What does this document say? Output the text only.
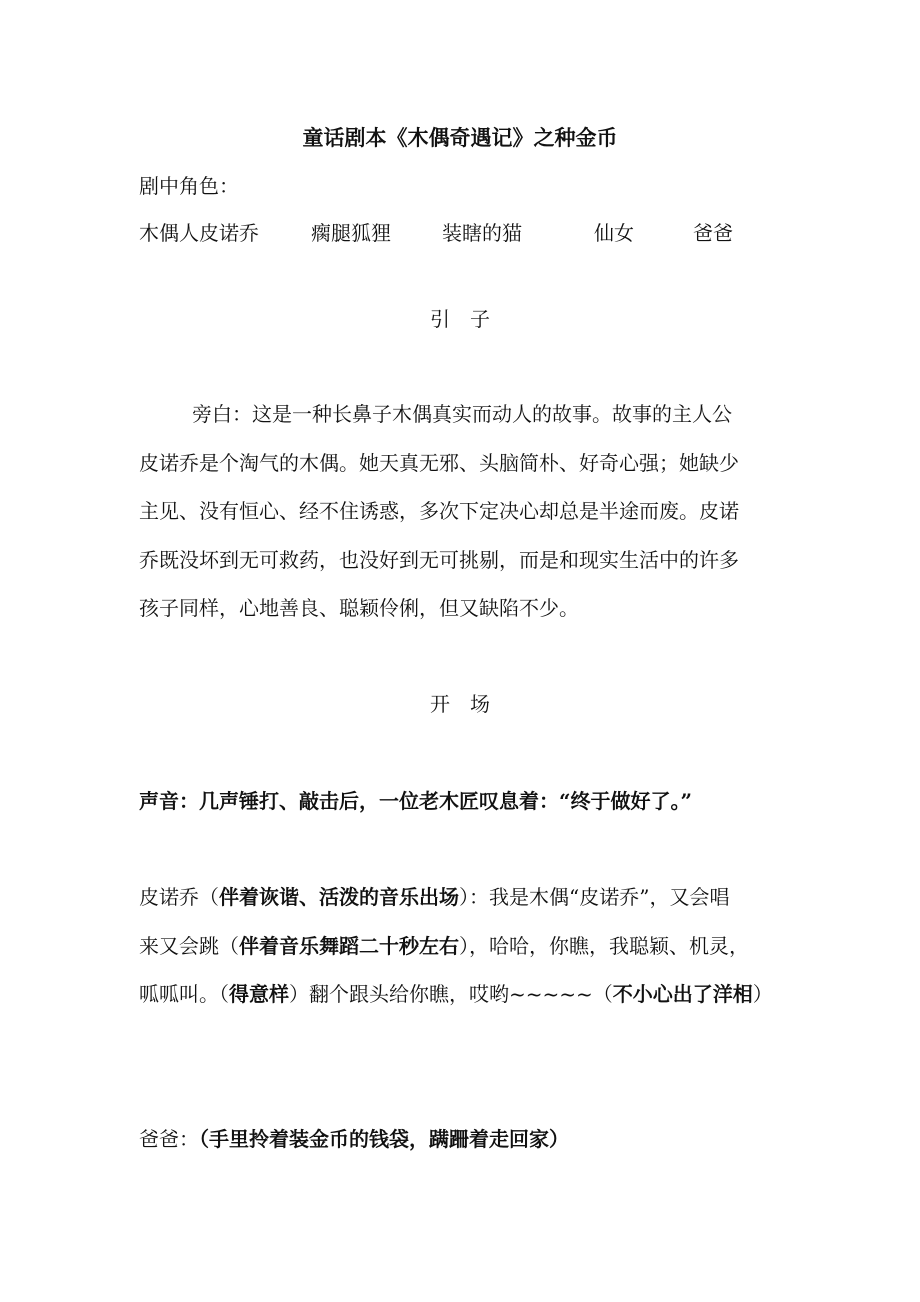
童话剧本《木偶奇遇记》之种金币

剧中角色：

木偶人皮诺乔	瘸腿狐狸	装瞎的猫	仙女	爸爸

引　子

旁白：这是一种长鼻子木偶真实而动人的故事。故事的主人公

皮诺乔是个淘气的木偶。她天真无邪、头脑简朴、好奇心强；她缺少

主见、没有恒心、经不住诱惑，多次下定决心却总是半途而废。皮诺

乔既没坏到无可救药，也没好到无可挑剔，而是和现实生活中的许多

孩子同样，心地善良、聪颖伶俐，但又缺陷不少。

开　场

声音：几声锤打、敲击后，一位老木匠叹息着：“终于做好了。”

皮诺乔（伴着诙谐、活泼的音乐出场）：我是木偶“皮诺乔”，又会唱

来又会跳（伴着音乐舞蹈二十秒左右），哈哈，你瞧，我聪颖、机灵，

呱呱叫。（得意样）翻个跟头给你瞧，哎哟~~~~~（不小心出了洋相）

爸爸：（手里拎着装金币的钱袋，蹒跚着走回家）
